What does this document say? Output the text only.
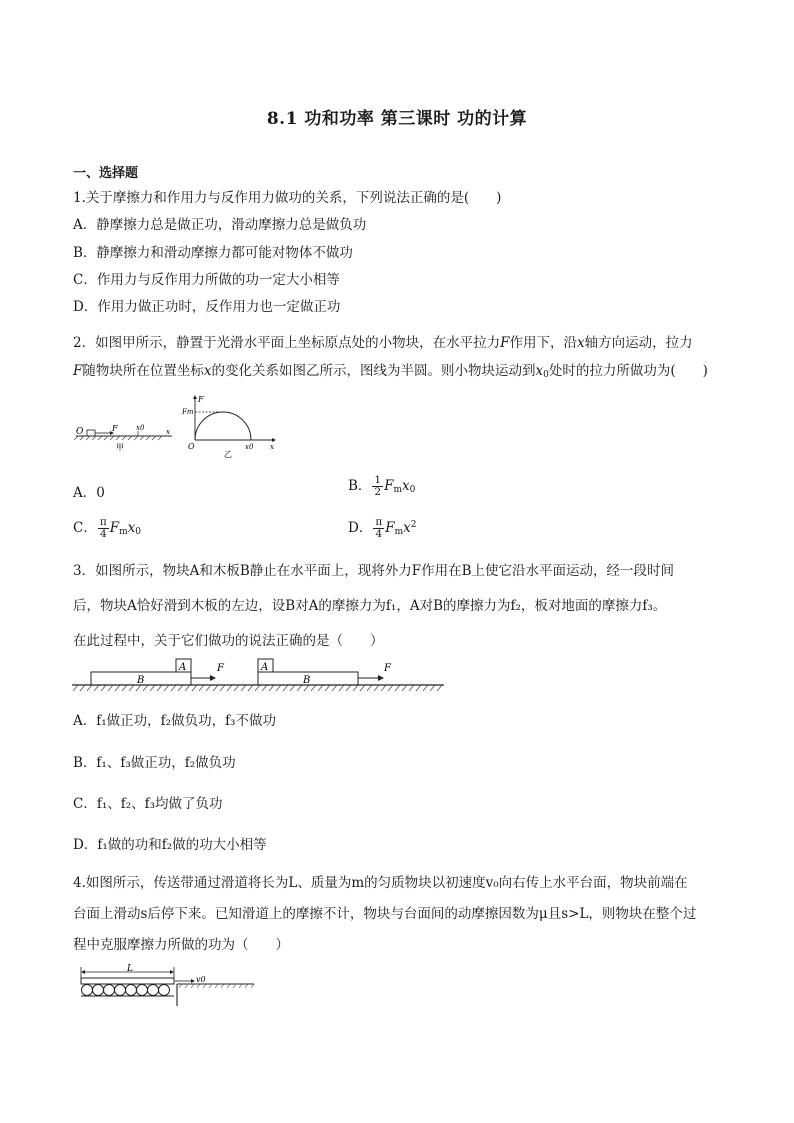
8.1 功和功率 第三课时 功的计算
一、选择题
1.关于摩擦力和作用力与反作用力做功的关系，下列说法正确的是(　　)
A．静摩擦力总是做正功，滑动摩擦力总是做负功
B．静摩擦力和滑动摩擦力都可能对物体不做功
C．作用力与反作用力所做的功一定大小相等
D．作用力做正功时，反作用力也一定做正功
2．如图甲所示，静置于光滑水平面上坐标原点处的小物块，在水平拉力F作用下，沿x轴方向运动，拉力
F随物块所在位置坐标x的变化关系如图乙所示，图线为半圆。则小物块运动到$x_0$处时的拉力所做功为(　　)
O	F	x0	x
甲
F
Fm
O	x0 x
乙
A．0	B． $\frac{1}{2} F_mx_0$
C． $\frac{\pi}{4} F_mx_0$	D． $\frac{\pi}{4} F_mx^2$
3．如图所示，物块A和木板B静止在水平面上，现将外力F作用在B上使它沿水平面运动，经一段时间
后，物块A恰好滑到木板的左边，设B对A的摩擦力为f₁，A对B的摩擦力为f₂，板对地面的摩擦力f₃。
在此过程中，关于它们做功的说法正确的是（　　）
B
A	F
B
A	F
A．f₁做正功，f₂做负功，f₃不做功
B．f₁、f₃做正功，f₂做负功
C．f₁、f₂、f₃均做了负功
D．f₁做的功和f₂做的功大小相等
4.如图所示，传送带通过滑道将长为L、质量为m的匀质物块以初速度v₀向右传上水平台面，物块前端在
台面上滑动s后停下来。已知滑道上的摩擦不计，物块与台面间的动摩擦因数为μ且s>L，则物块在整个过
程中克服摩擦力所做的功为（　　）
L
v0
